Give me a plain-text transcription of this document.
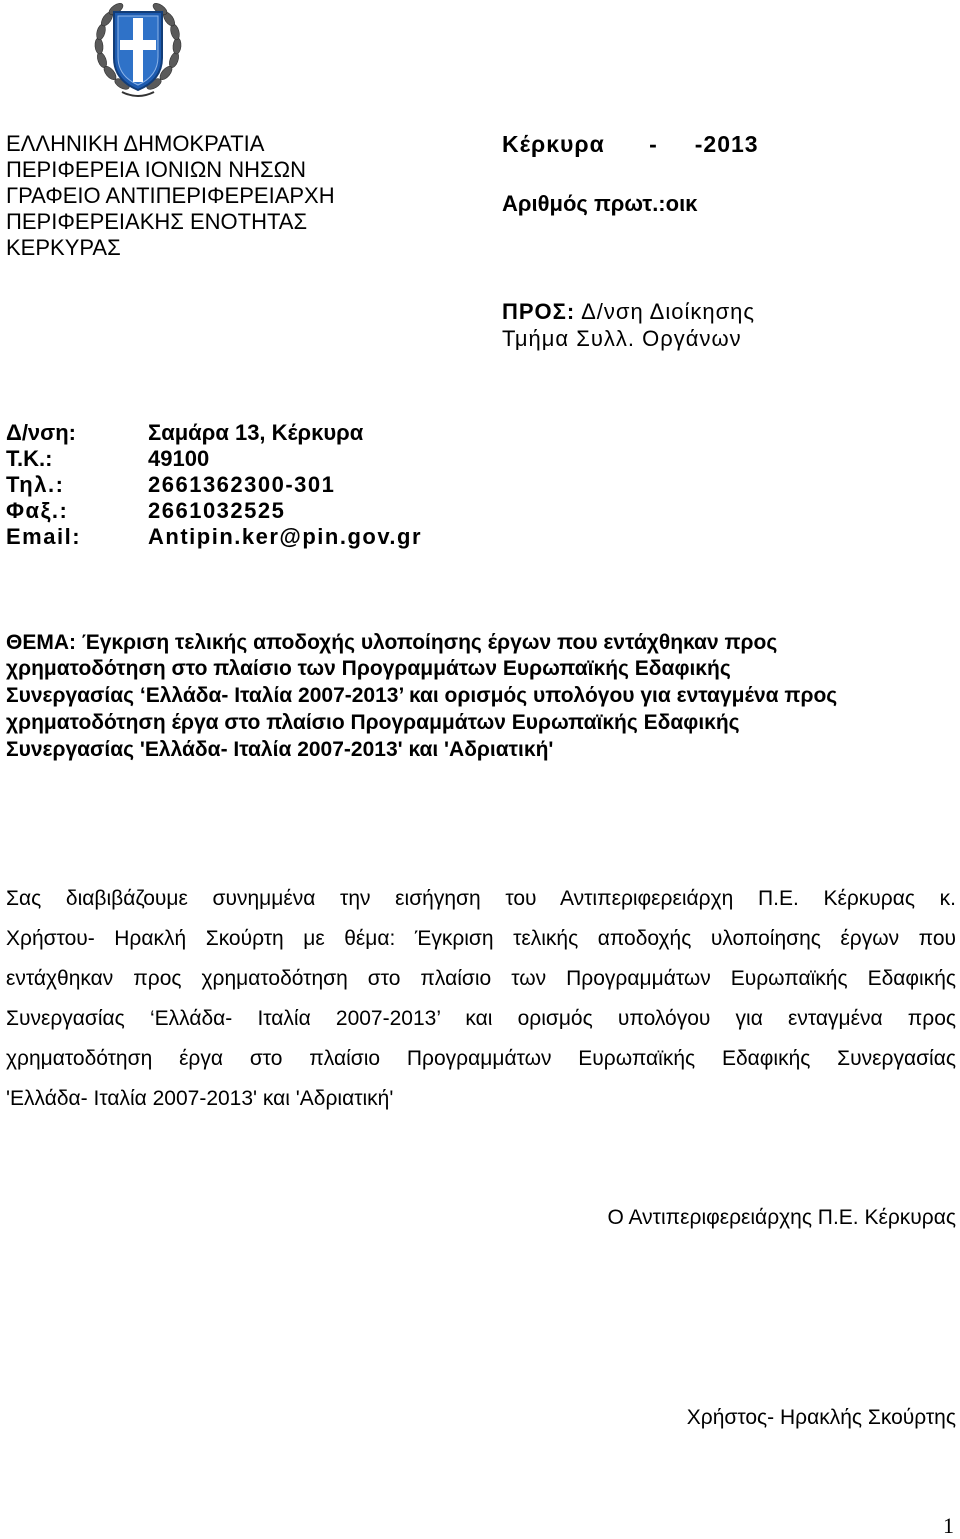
ΕΛΛΗΝΙΚΗ ΔΗΜΟΚΡΑΤΙΑ
ΠΕΡΙΦΕΡΕΙΑ ΙΟΝΙΩΝ ΝΗΣΩΝ
ΓΡΑΦΕΙΟ ΑΝΤΙΠΕΡΙΦΕΡΕΙΑΡΧΗ
ΠΕΡΙΦΕΡΕΙΑΚΗΣ ΕΝΟΤΗΤΑΣ
ΚΕΡΚΥΡΑΣ
Κέρκυρα      -     -2013
Αριθμός πρωτ.:οικ
ΠΡΟΣ: Δ/νση Διοίκησης
Τμήμα Συλλ. Οργάνων
Δ/νση:	Σαμάρα 13, Κέρκυρα
Τ.Κ.:	49100
Τηλ.:	2661362300-301
Φαξ.:	2661032525
Email:	Antipin.ker@pin.gov.gr
ΘΕΜΑ: Έγκριση τελικής αποδοχής υλοποίησης έργων που εντάχθηκαν προς
χρηματοδότηση στο πλαίσιο των Προγραμμάτων Ευρωπαϊκής Εδαφικής
Συνεργασίας ‘Ελλάδα- Ιταλία 2007-2013’ και ορισμός υπολόγου για ενταγμένα προς
χρηματοδότηση έργα στο πλαίσιο Προγραμμάτων Ευρωπαϊκής Εδαφικής
Συνεργασίας 'Ελλάδα- Ιταλία 2007-2013' και 'Αδριατική'
Σας διαβιβάζουμε συνημμένα την εισήγηση του Αντιπεριφερειάρχη Π.Ε. Κέρκυρας κ.
Χρήστου- Ηρακλή Σκούρτη με θέμα: Έγκριση τελικής αποδοχής υλοποίησης έργων που
εντάχθηκαν προς χρηματοδότηση στο πλαίσιο των Προγραμμάτων Ευρωπαϊκής Εδαφικής
Συνεργασίας ‘Ελλάδα- Ιταλία 2007-2013’ και ορισμός υπολόγου για ενταγμένα προς
χρηματοδότηση έργα στο πλαίσιο Προγραμμάτων Ευρωπαϊκής Εδαφικής Συνεργασίας
'Ελλάδα- Ιταλία 2007-2013' και 'Αδριατική'
Ο Αντιπεριφερειάρχης Π.Ε. Κέρκυρας
Χρήστος- Ηρακλής Σκούρτης
1
